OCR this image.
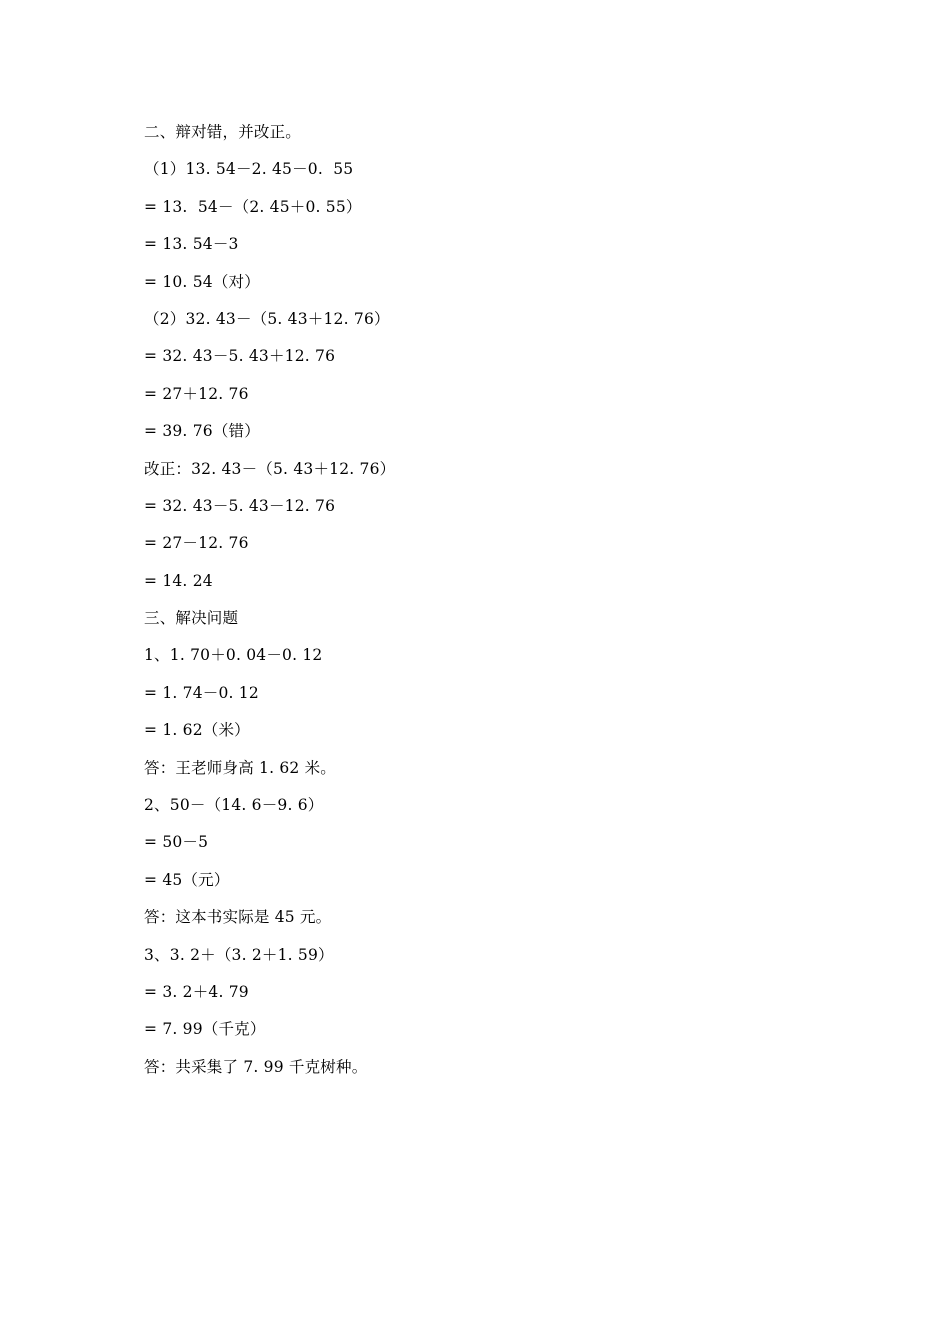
二、辩对错，并改正。
（1）13. 54－2. 45－0.  55
= 13.  54－（2. 45＋0. 55）
= 13. 54－3
= 10. 54（对）
（2）32. 43－（5. 43＋12. 76）
= 32. 43－5. 43＋12. 76
= 27＋12. 76
= 39. 76（错）
改正：32. 43－（5. 43＋12. 76）
= 32. 43－5. 43－12. 76
= 27－12. 76
= 14. 24
三、解决问题
1、1. 70＋0. 04－0. 12
= 1. 74－0. 12
= 1. 62（米）
答：王老师身高 1. 62 米。
2、50－（14. 6－9. 6）
= 50－5
= 45（元）
答：这本书实际是 45 元。
3、3. 2＋（3. 2＋1. 59）
= 3. 2＋4. 79
= 7. 99（千克）
答：共采集了 7. 99 千克树种。
